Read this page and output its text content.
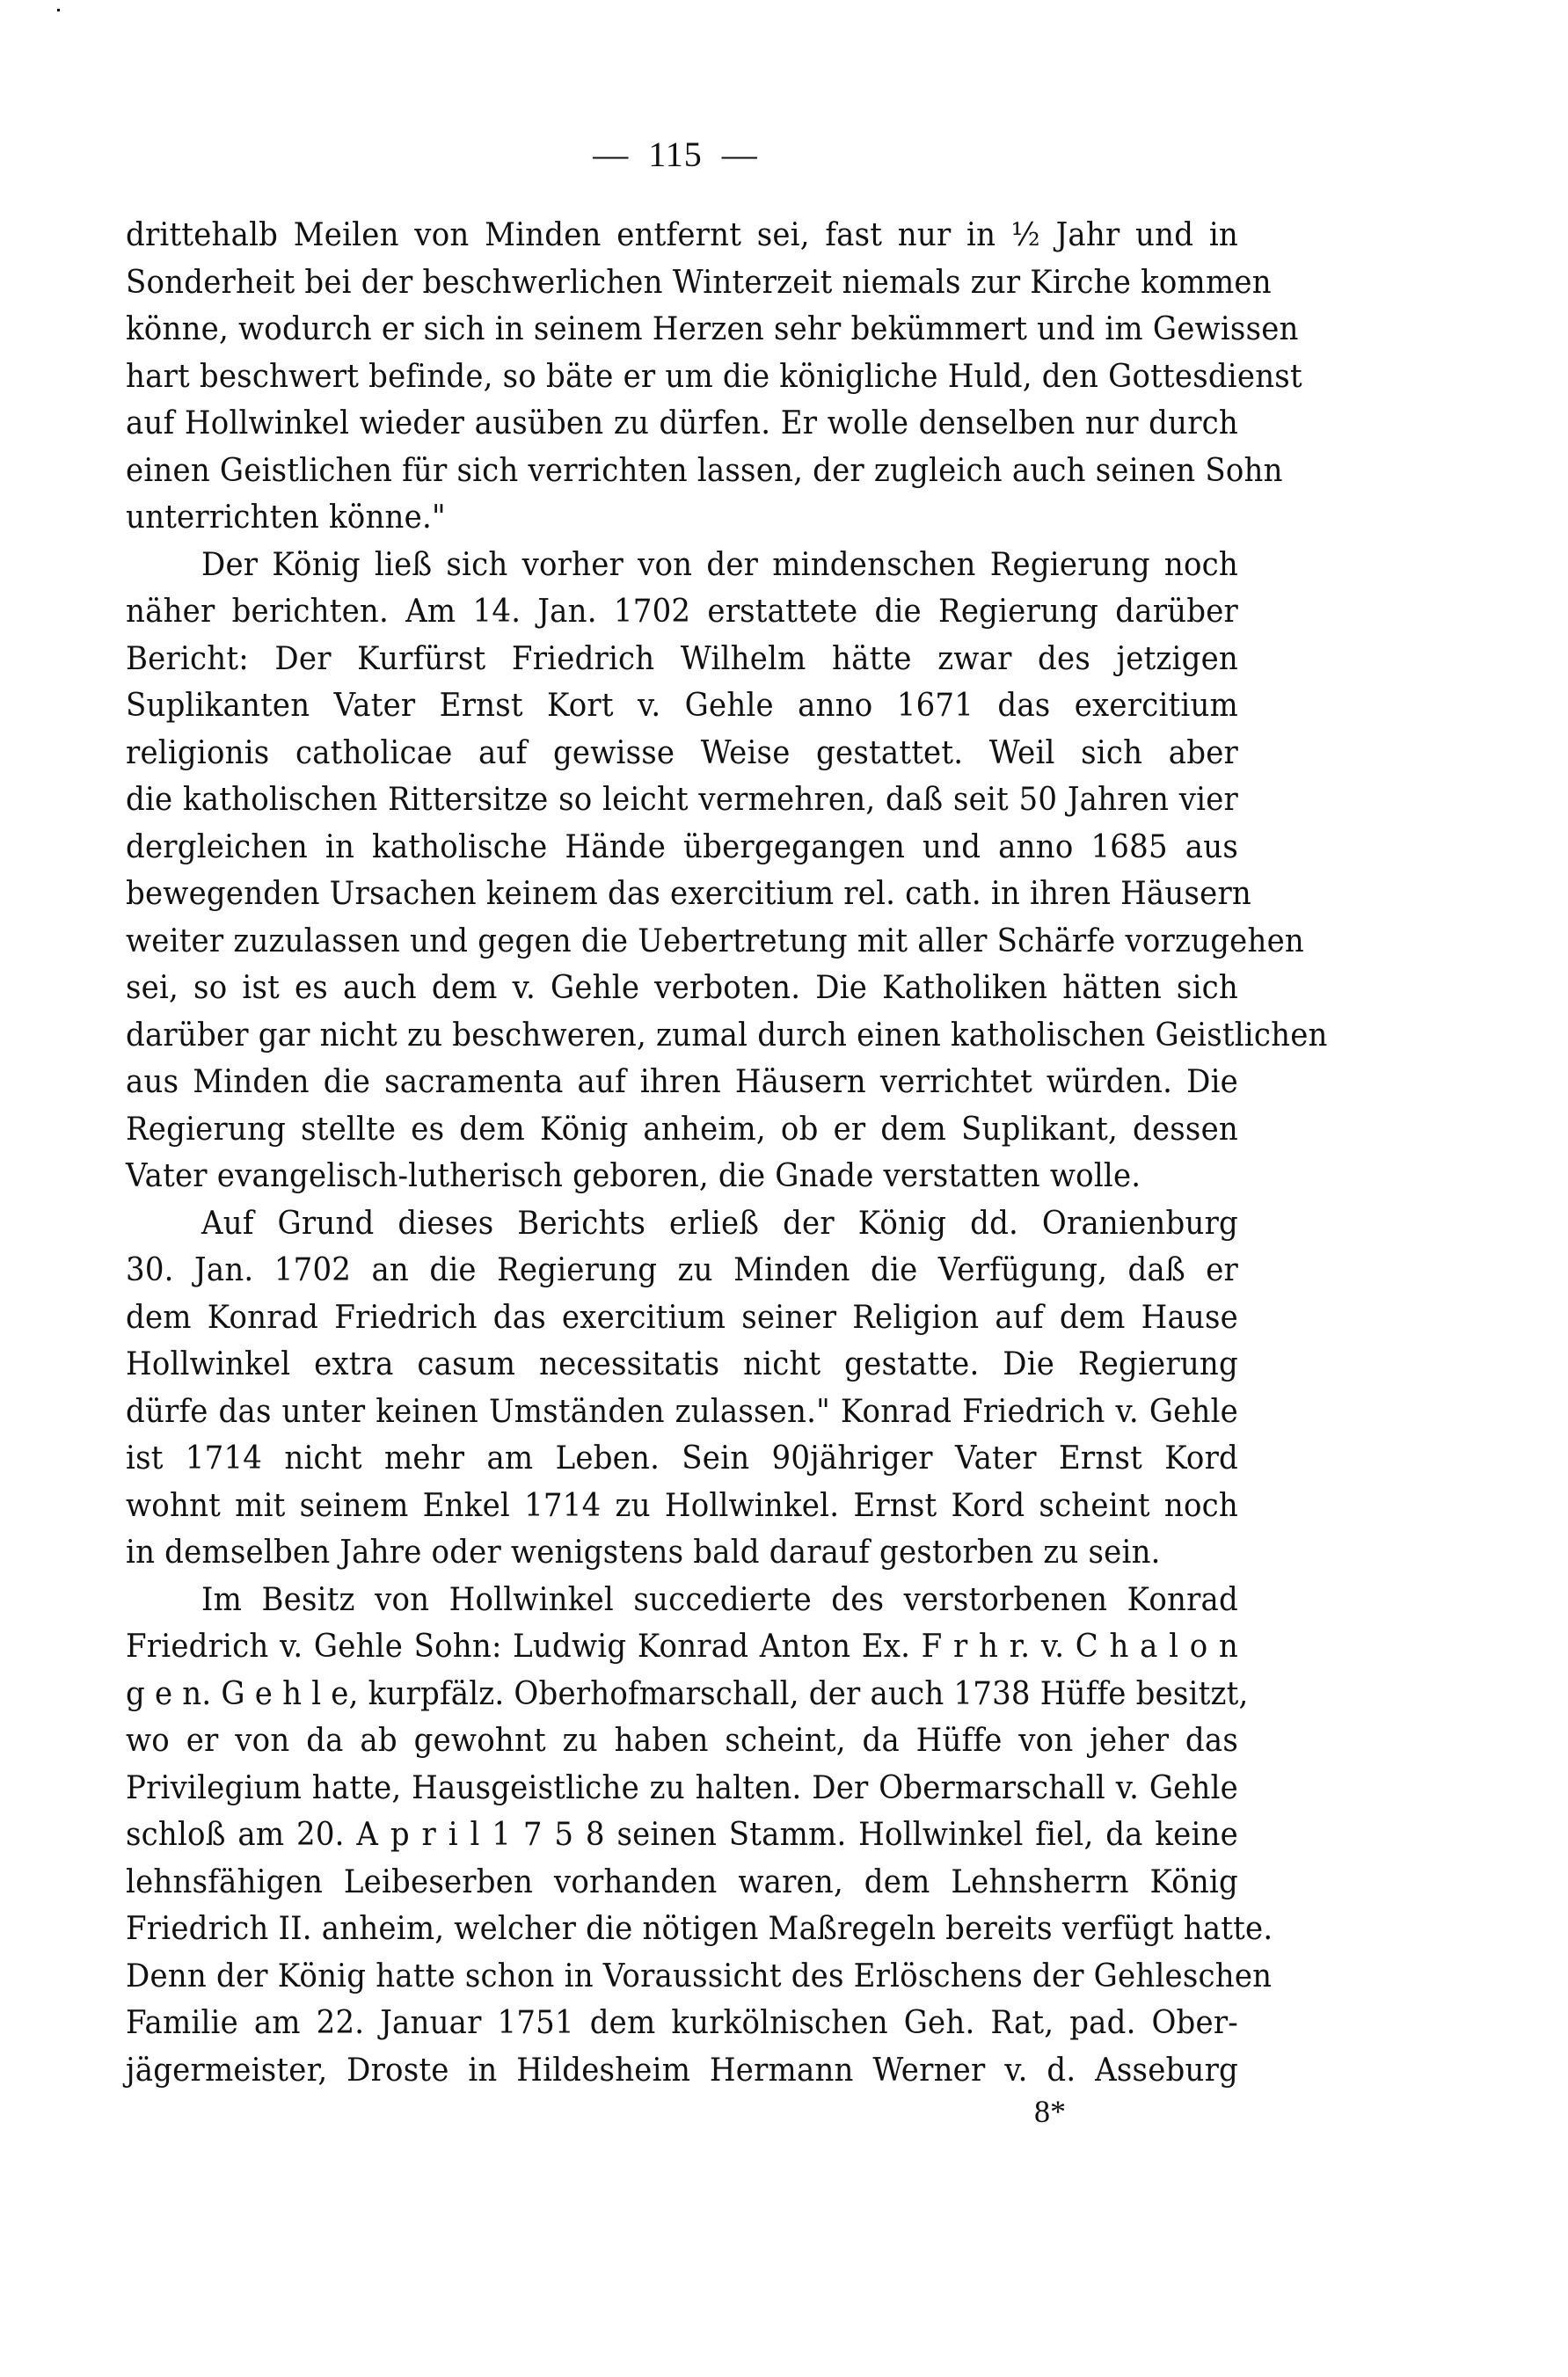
—  115  —
drittehalb Meilen von Minden entfernt sei, fast nur in ½ Jahr und in
Sonderheit bei der beschwerlichen Winterzeit niemals zur Kirche kommen
könne, wodurch er sich in seinem Herzen sehr bekümmert und im Gewissen
hart beschwert befinde, so bäte er um die königliche Huld, den Gottesdienst
auf Hollwinkel wieder ausüben zu dürfen. Er wolle denselben nur durch
einen Geistlichen für sich verrichten lassen, der zugleich auch seinen Sohn
unterrichten könne."
Der König ließ sich vorher von der mindenschen Regierung noch
näher berichten. Am 14. Jan. 1702 erstattete die Regierung darüber
Bericht: Der Kurfürst Friedrich Wilhelm hätte zwar des jetzigen
Suplikanten Vater Ernst Kort v. Gehle anno 1671 das exercitium
religionis catholicae auf gewisse Weise gestattet. Weil sich aber
die katholischen Rittersitze so leicht vermehren, daß seit 50 Jahren vier
dergleichen in katholische Hände übergegangen und anno 1685 aus
bewegenden Ursachen keinem das exercitium rel. cath. in ihren Häusern
weiter zuzulassen und gegen die Uebertretung mit aller Schärfe vorzugehen
sei, so ist es auch dem v. Gehle verboten. Die Katholiken hätten sich
darüber gar nicht zu beschweren, zumal durch einen katholischen Geistlichen
aus Minden die sacramenta auf ihren Häusern verrichtet würden. Die
Regierung stellte es dem König anheim, ob er dem Suplikant, dessen
Vater evangelisch-lutherisch geboren, die Gnade verstatten wolle.
Auf Grund dieses Berichts erließ der König dd. Oranienburg
30. Jan. 1702 an die Regierung zu Minden die Verfügung, daß er
dem Konrad Friedrich das exercitium seiner Religion auf dem Hause
Hollwinkel extra casum necessitatis nicht gestatte. Die Regierung
dürfe das unter keinen Umständen zulassen." Konrad Friedrich v. Gehle
ist 1714 nicht mehr am Leben. Sein 90jähriger Vater Ernst Kord
wohnt mit seinem Enkel 1714 zu Hollwinkel. Ernst Kord scheint noch
in demselben Jahre oder wenigstens bald darauf gestorben zu sein.
Im Besitz von Hollwinkel succedierte des verstorbenen Konrad
Friedrich v. Gehle Sohn: Ludwig Konrad Anton Ex. F r h r. v. C h a l o n
g e n. G e h l e, kurpfälz. Oberhofmarschall, der auch 1738 Hüffe besitzt,
wo er von da ab gewohnt zu haben scheint, da Hüffe von jeher das
Privilegium hatte, Hausgeistliche zu halten. Der Obermarschall v. Gehle
schloß am 20. A p r i l 1 7 5 8 seinen Stamm. Hollwinkel fiel, da keine
lehnsfähigen Leibeserben vorhanden waren, dem Lehnsherrn König
Friedrich II. anheim, welcher die nötigen Maßregeln bereits verfügt hatte.
Denn der König hatte schon in Voraussicht des Erlöschens der Gehleschen
Familie am 22. Januar 1751 dem kurkölnischen Geh. Rat, pad. Ober-
jägermeister, Droste in Hildesheim Hermann Werner v. d. Asseburg
8*
